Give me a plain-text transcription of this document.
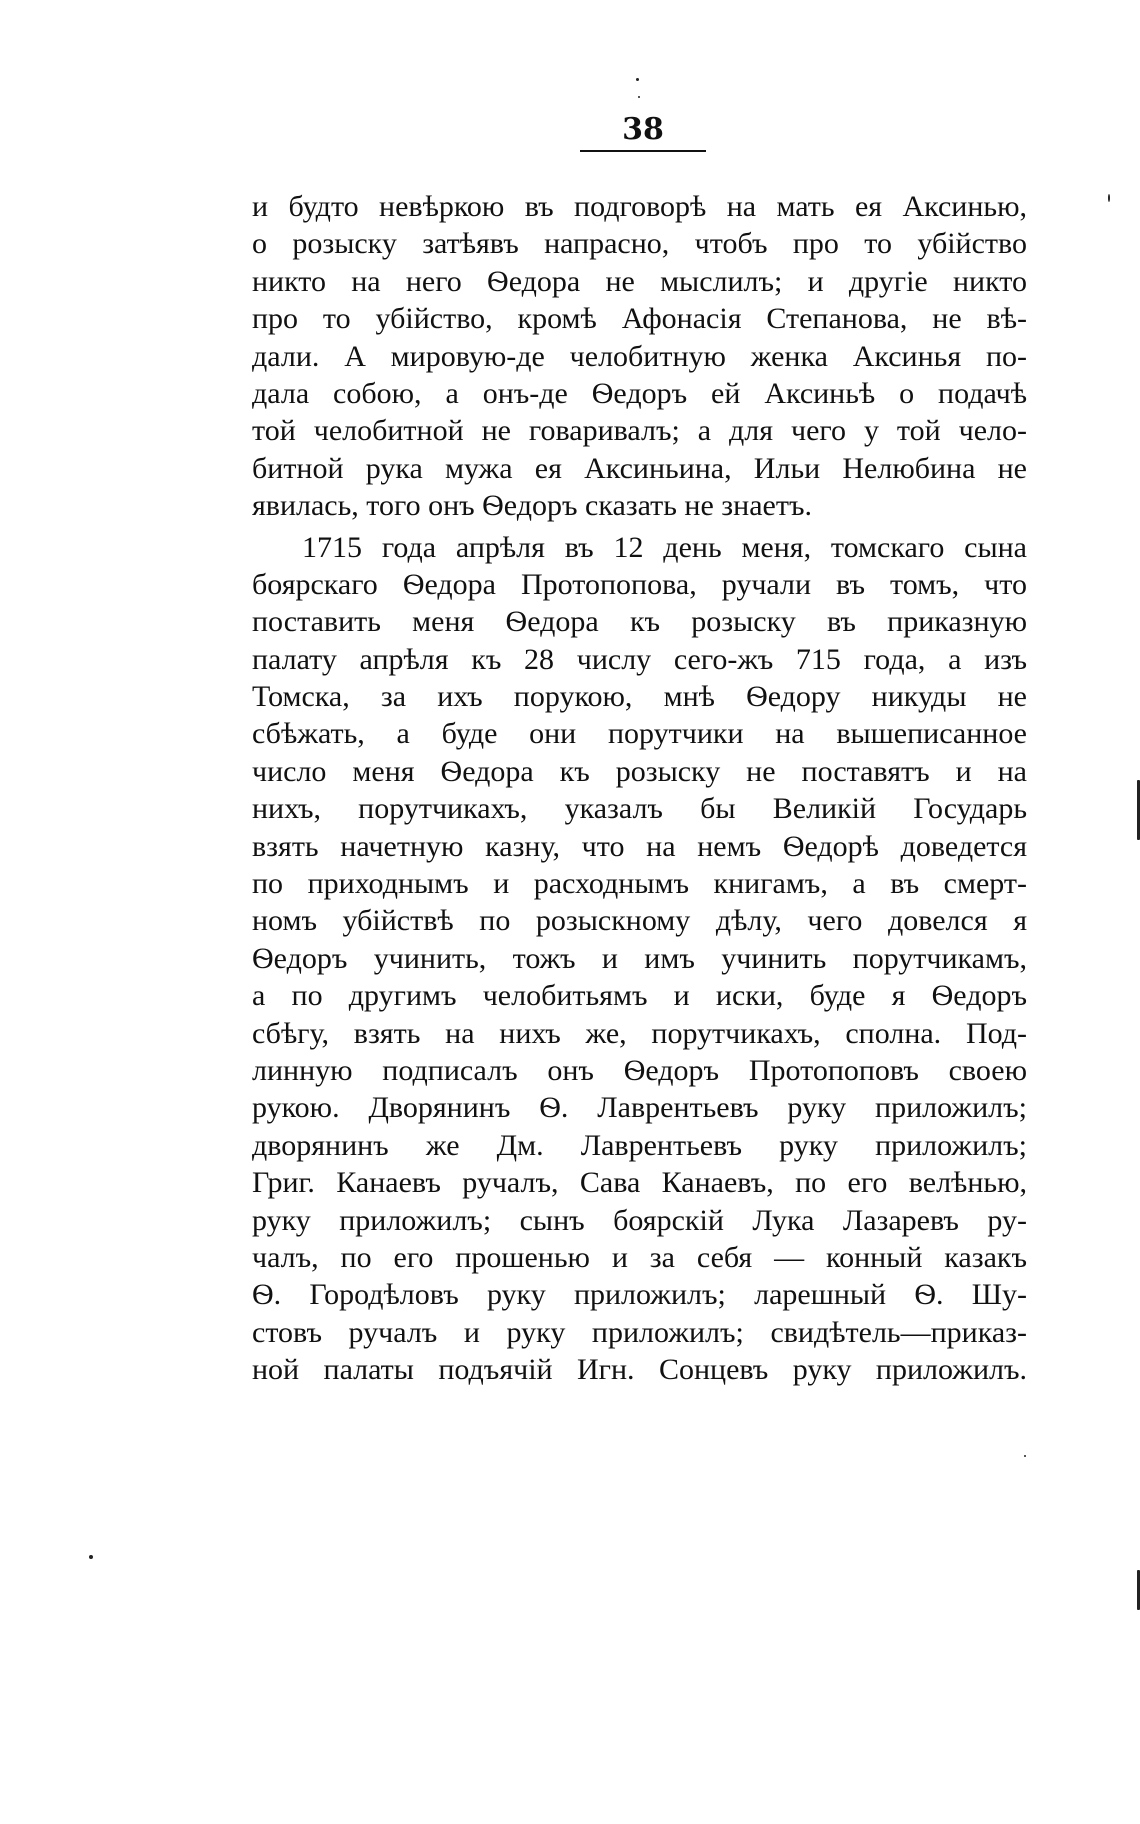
38
и будто невѣркою въ подговорѣ на мать ея Аксинью,
о розыску затѣявъ напрасно, чтобъ про то убійство
никто на него Ѳедора не мыслилъ; и другіе никто
про то убійство, кромѣ Афонасія Степанова, не вѣ-
дали. А мировую-де челобитную женка Аксинья по-
дала собою, а онъ-де Ѳедоръ ей Аксиньѣ о подачѣ
той челобитной не говаривалъ; а для чего у той чело-
битной рука мужа ея Аксиньина, Ильи Нелюбина не
явилась, того онъ Ѳедоръ сказать не знаетъ.
1715 года апрѣля въ 12 день меня, томскаго сына
боярскаго Ѳедора Протопопова, ручали въ томъ, что
поставить меня Ѳедора къ розыску въ приказную
палату апрѣля къ 28 числу сего-жъ 715 года, а изъ
Томска, за ихъ порукою, мнѣ Ѳедору никуды не
сбѣжать, а буде они порутчики на вышеписанное
число меня Ѳедора къ розыску не поставятъ и на
нихъ, порутчикахъ, указалъ бы Великій Государь
взять начетную казну, что на немъ Ѳедорѣ доведется
по приходнымъ и расходнымъ книгамъ, а въ смерт-
номъ убійствѣ по розыскному дѣлу, чего довелся я
Ѳедоръ учинить, тожъ и имъ учинить порутчикамъ,
а по другимъ челобитьямъ и иски, буде я Ѳедоръ
сбѣгу, взять на нихъ же, порутчикахъ, сполна. Под-
линную подписалъ онъ Ѳедоръ Протопоповъ своею
рукою. Дворянинъ Ѳ. Лаврентьевъ руку приложилъ;
дворянинъ же Дм. Лаврентьевъ руку приложилъ;
Григ. Канаевъ ручалъ, Сава Канаевъ, по его велѣнью,
руку приложилъ; сынъ боярскій Лука Лазаревъ ру-
чалъ, по его прошенью и за себя — конный казакъ
Ѳ. Городѣловъ руку приложилъ; ларешный Ѳ. Шу-
стовъ ручалъ и руку приложилъ; свидѣтель—приказ-
ной палаты подъячій Игн. Сонцевъ руку приложилъ.
